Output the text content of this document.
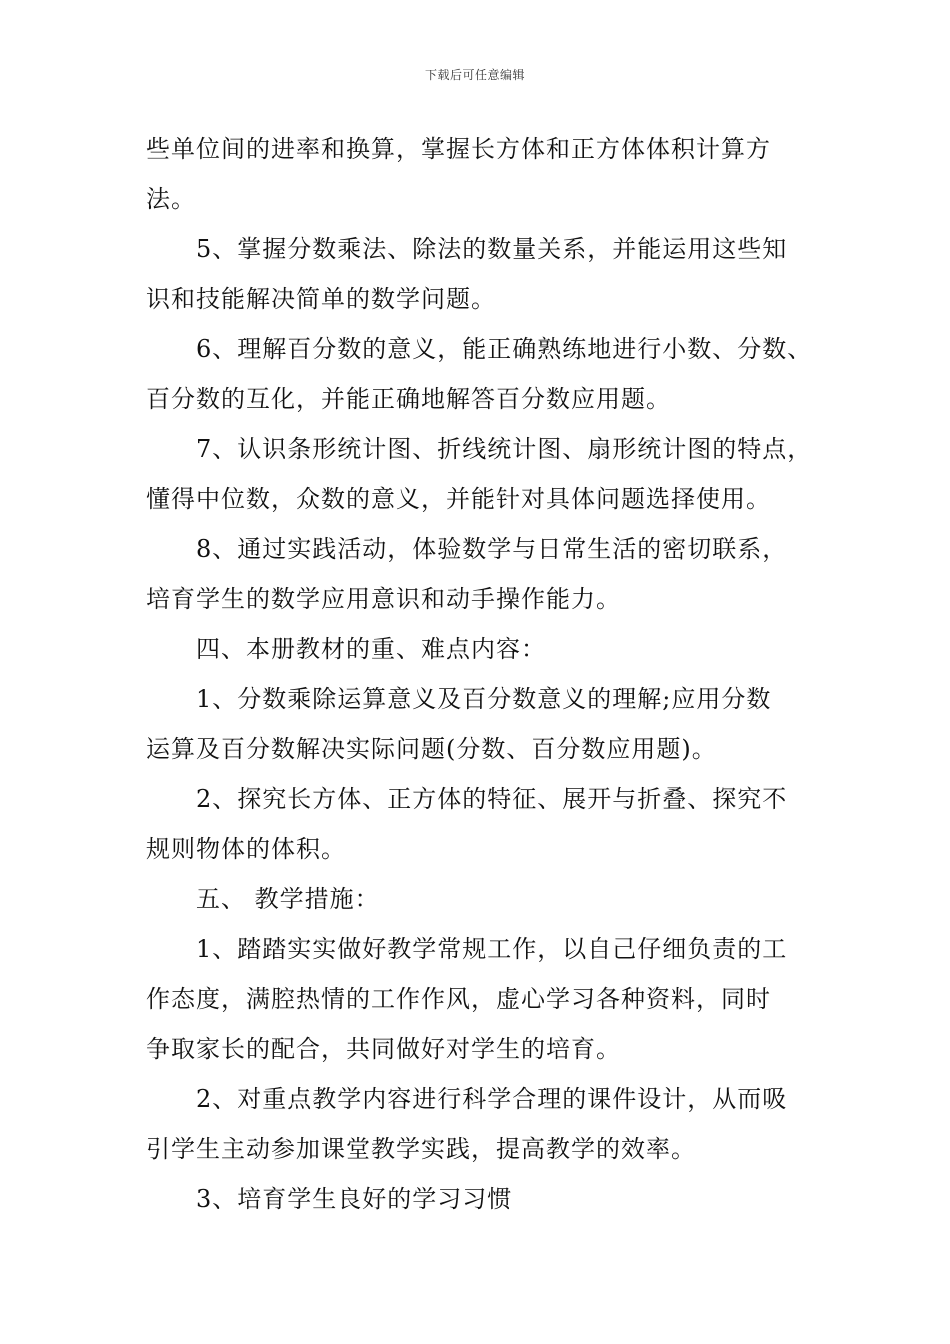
下载后可任意编辑
些单位间的进率和换算，掌握长方体和正方体体积计算方
法。
5、掌握分数乘法、除法的数量关系，并能运用这些知
识和技能解决简单的数学问题。
6、理解百分数的意义，能正确熟练地进行小数、分数、
百分数的互化，并能正确地解答百分数应用题。
7、认识条形统计图、折线统计图、扇形统计图的特点，
懂得中位数，众数的意义，并能针对具体问题选择使用。
8、通过实践活动，体验数学与日常生活的密切联系，
培育学生的数学应用意识和动手操作能力。
四、本册教材的重、难点内容：
1、分数乘除运算意义及百分数意义的理解;应用分数
运算及百分数解决实际问题(分数、百分数应用题)。
2、探究长方体、正方体的特征、展开与折叠、探究不
规则物体的体积。
五、 教学措施：
1、踏踏实实做好教学常规工作，以自己仔细负责的工
作态度，满腔热情的工作作风，虚心学习各种资料，同时
争取家长的配合，共同做好对学生的培育。
2、对重点教学内容进行科学合理的课件设计，从而吸
引学生主动参加课堂教学实践，提高教学的效率。
3、培育学生良好的学习习惯
